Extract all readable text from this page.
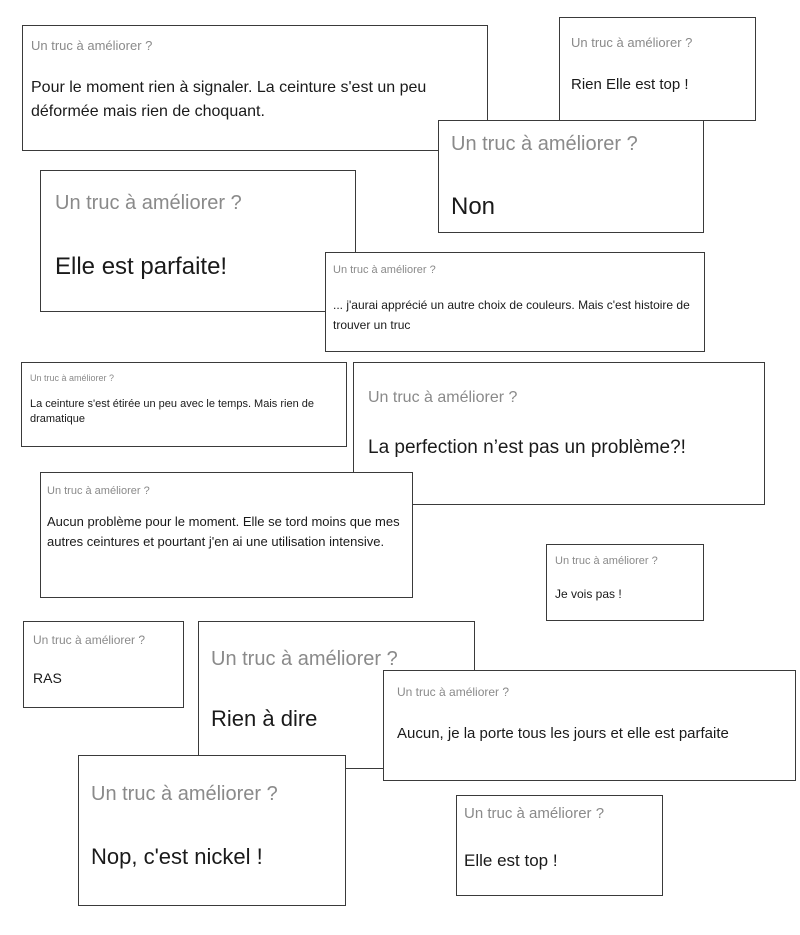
Un truc à améliorer ?
Pour le moment rien à signaler. La ceinture s'est un peu déformée mais rien de choquant.
Un truc à améliorer ?
Rien Elle est top !
Un truc à améliorer ?
Non
Un truc à améliorer ?
Elle est parfaite!	Un truc à améliorer ?
... j'aurai apprécié un autre choix de couleurs. Mais c'est histoire de trouver un truc
Un truc à améliorer ?
La ceinture s'est étirée un peu avec le temps. Mais rien de dramatique
Un truc à améliorer ?
La perfection n’est pas un problème?!
Un truc à améliorer ?
Aucun problème pour le moment. Elle se tord moins que mes autres ceintures et pourtant j'en ai une utilisation intensive.
Un truc à améliorer ?
Je vois pas !
Un truc à améliorer ?
RAS
Un truc à améliorer ?
Rien à dire
Un truc à améliorer ?
Aucun, je la porte tous les jours et elle est parfaite
Un truc à améliorer ?
Nop, c'est nickel !
Un truc à améliorer ?
Elle est top !
